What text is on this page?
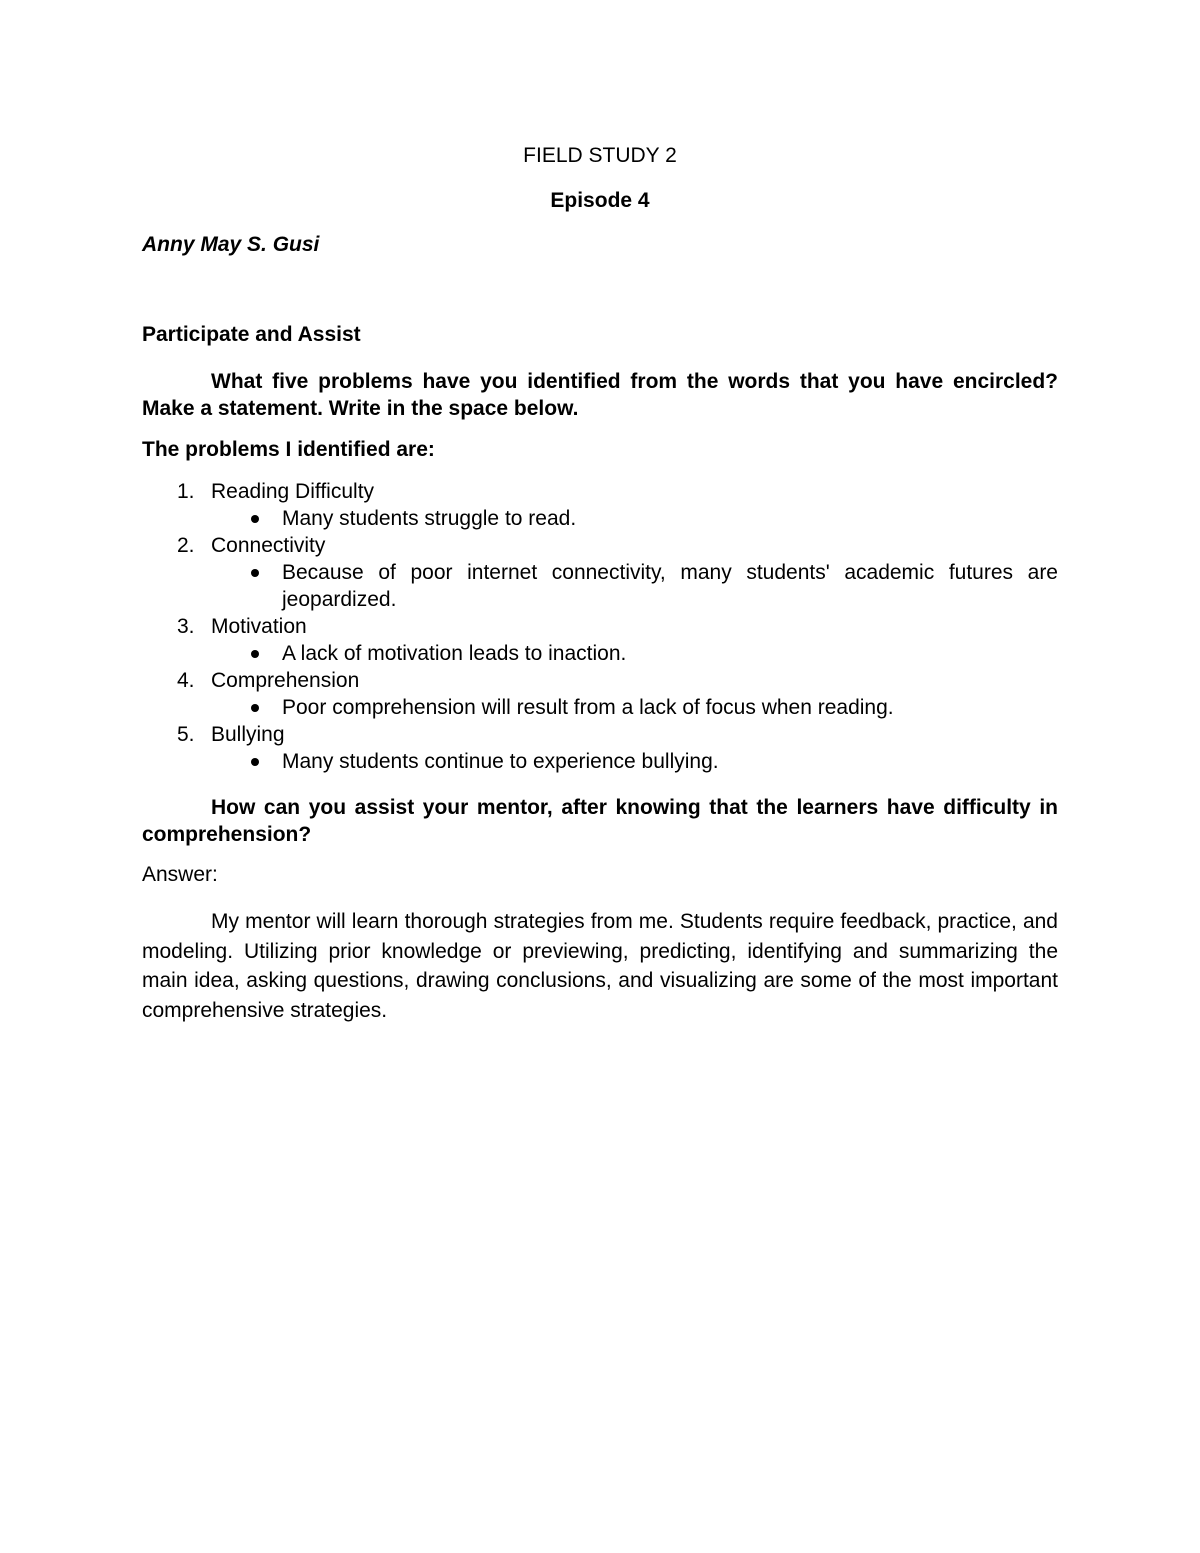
FIELD STUDY 2
Episode 4
Anny May S. Gusi
Participate and Assist
What five problems have you identified from the words that you have encircled? Make a statement. Write in the space below.
The problems I identified are:
1. Reading Difficulty
Many students struggle to read.
2. Connectivity
Because of poor internet connectivity, many students' academic futures are jeopardized.
3. Motivation
A lack of motivation leads to inaction.
4. Comprehension
Poor comprehension will result from a lack of focus when reading.
5. Bullying
Many students continue to experience bullying.
How can you assist your mentor, after knowing that the learners have difficulty in comprehension?
Answer:
My mentor will learn thorough strategies from me. Students require feedback, practice, and modeling. Utilizing prior knowledge or previewing, predicting, identifying and summarizing the main idea, asking questions, drawing conclusions, and visualizing are some of the most important comprehensive strategies.
